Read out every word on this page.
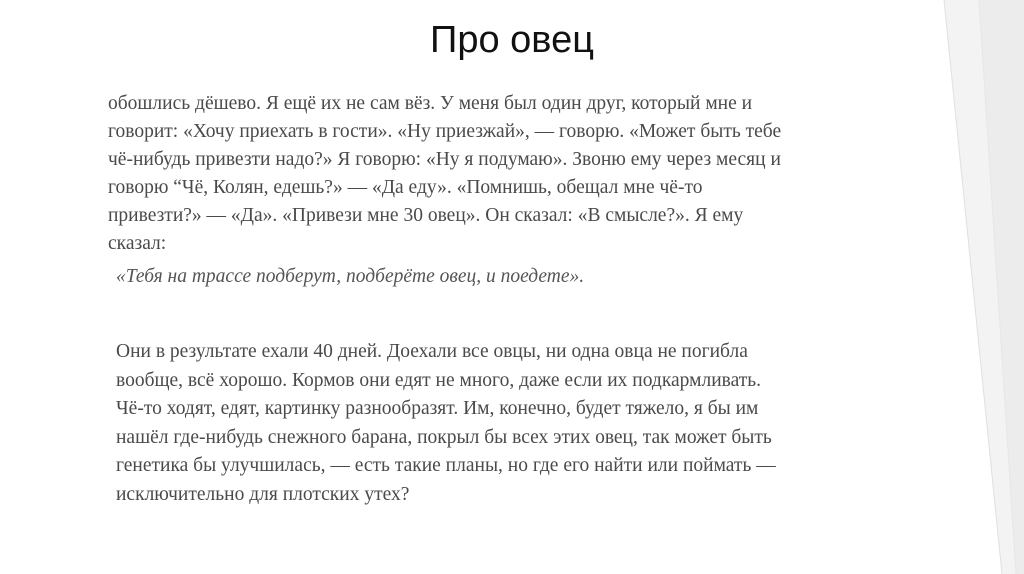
Про овец

обошлись дёшево. Я ещё их не сам вёз. У меня был один друг, который мне и
говорит: «Хочу приехать в гости». «Ну приезжай», — говорю. «Может быть тебе
чё-нибудь привезти надо?» Я говорю: «Ну я подумаю». Звоню ему через месяц и
говорю “Чё, Колян, едешь?» — «Да еду». «Помнишь, обещал мне чё-то
привезти?» — «Да». «Привези мне 30 овец». Он сказал: «В смысле?». Я ему
сказал:

«Тебя на трассе подберут, подберёте овец, и поедете».

Они в результате ехали 40 дней. Доехали все овцы, ни одна овца не погибла
вообще, всё хорошо. Кормов они едят не много, даже если их подкармливать.
Чё-то ходят, едят, картинку разнообразят. Им, конечно, будет тяжело, я бы им
нашёл где-нибудь снежного барана, покрыл бы всех этих овец, так может быть
генетика бы улучшилась, — есть такие планы, но где его найти или поймать —
исключительно для плотских утех?
